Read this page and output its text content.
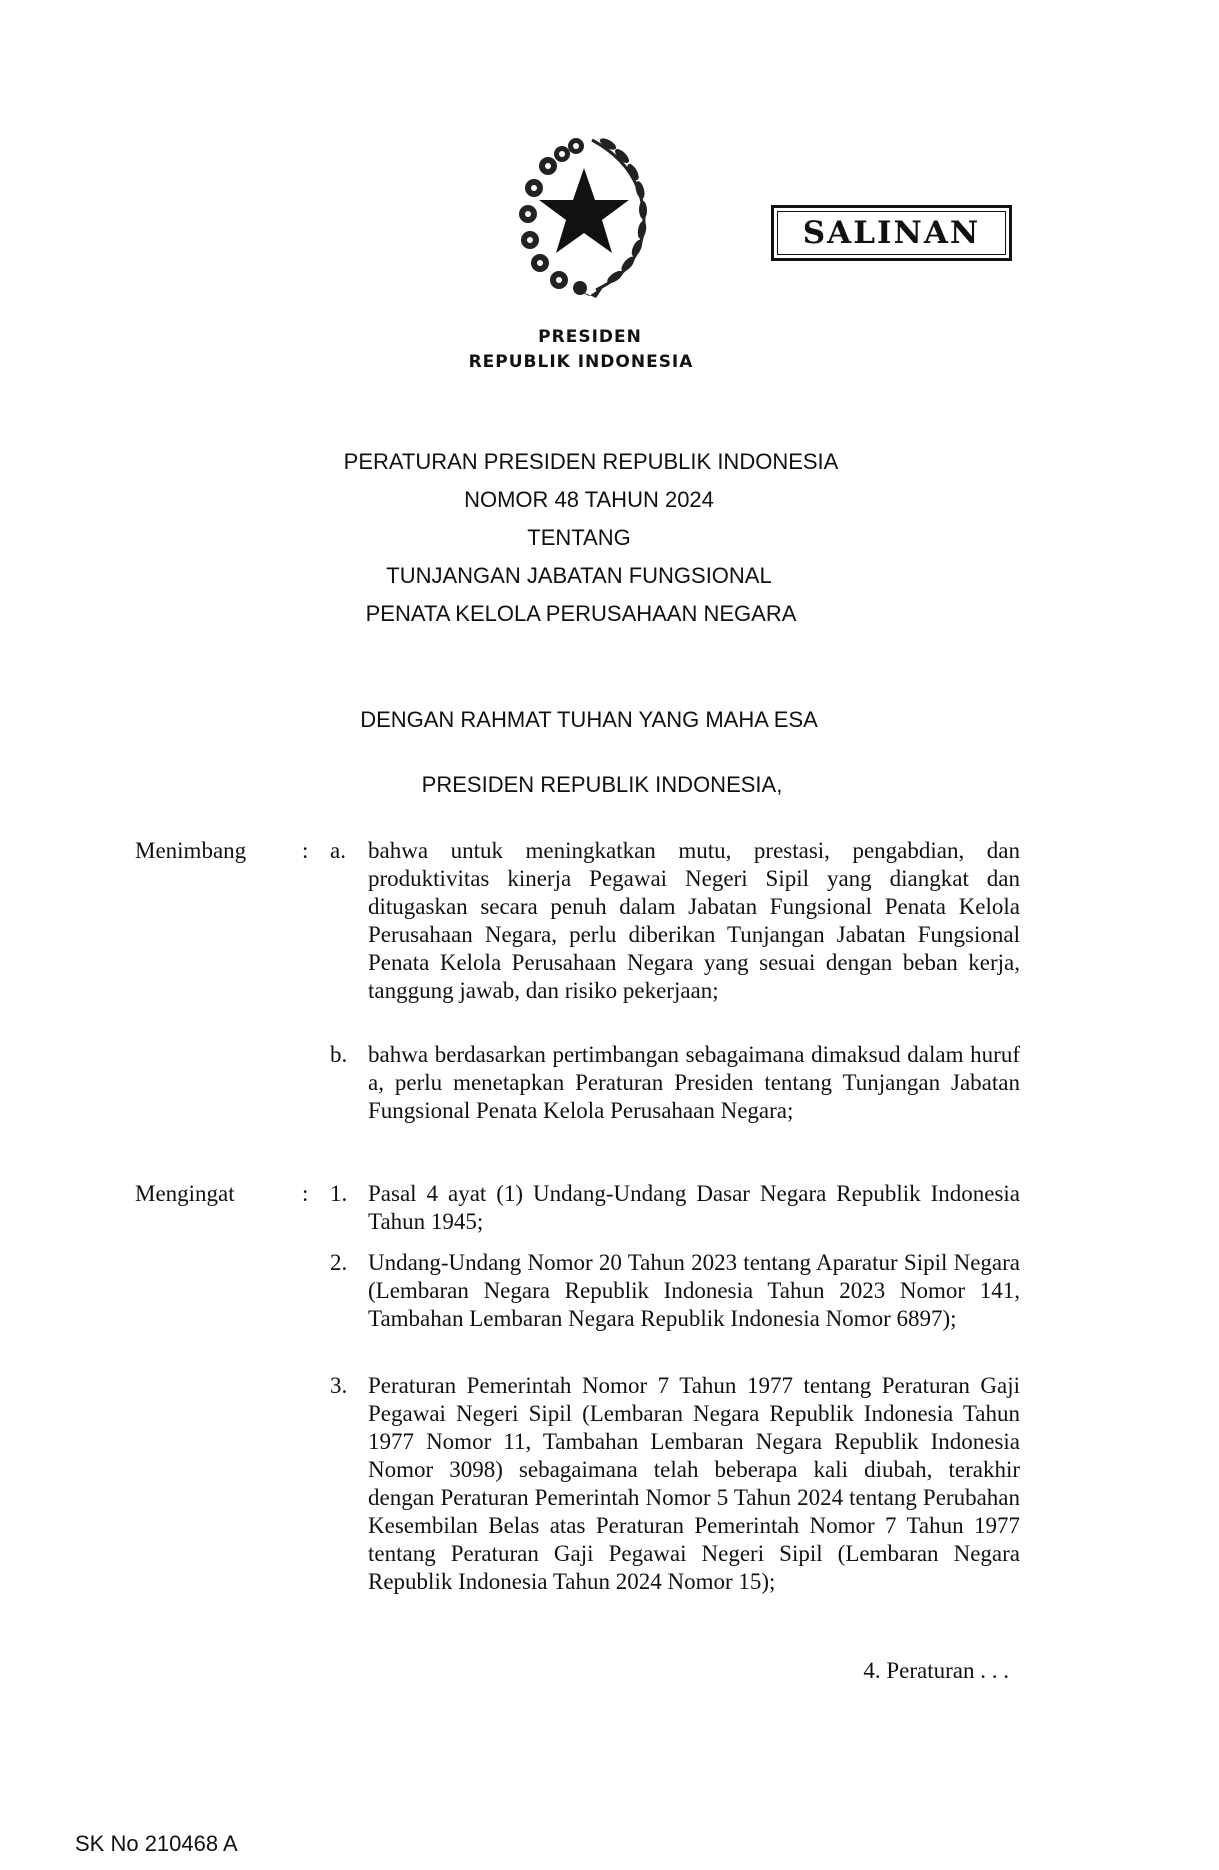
SALINAN
PRESIDEN

REPUBLIK INDONESIA
PERATURAN PRESIDEN REPUBLIK INDONESIA
NOMOR 48 TAHUN 2024
TENTANG
TUNJANGAN JABATAN FUNGSIONAL
PENATA KELOLA PERUSAHAAN NEGARA
DENGAN RAHMAT TUHAN YANG MAHA ESA
PRESIDEN REPUBLIK INDONESIA,
Menimbang : a. bahwa untuk meningkatkan mutu, prestasi, pengabdian, dan produktivitas kinerja Pegawai Negeri Sipil yang diangkat dan ditugaskan secara penuh dalam Jabatan Fungsional Penata Kelola Perusahaan Negara, perlu diberikan Tunjangan Jabatan Fungsional Penata Kelola Perusahaan Negara yang sesuai dengan beban kerja, tanggung jawab, dan risiko pekerjaan;
b. bahwa berdasarkan pertimbangan sebagaimana dimaksud dalam huruf a, perlu menetapkan Peraturan Presiden tentang Tunjangan Jabatan Fungsional Penata Kelola Perusahaan Negara;
Mengingat	: 1. Pasal 4 ayat (1) Undang-Undang Dasar Negara Republik Indonesia Tahun 1945;
2. Undang-Undang Nomor 20 Tahun 2023 tentang Aparatur Sipil Negara (Lembaran Negara Republik Indonesia Tahun 2023 Nomor 141, Tambahan Lembaran Negara Republik Indonesia Nomor 6897);
3. Peraturan Pemerintah Nomor 7 Tahun 1977 tentang Peraturan Gaji Pegawai Negeri Sipil (Lembaran Negara Republik Indonesia Tahun 1977 Nomor 11, Tambahan Lembaran Negara Republik Indonesia Nomor 3098) sebagaimana telah beberapa kali diubah, terakhir dengan Peraturan Pemerintah Nomor 5 Tahun 2024 tentang Perubahan Kesembilan Belas atas Peraturan Pemerintah Nomor 7 Tahun 1977 tentang Peraturan Gaji Pegawai Negeri Sipil (Lembaran Negara Republik Indonesia Tahun 2024 Nomor 15);
4. Peraturan . . .
SK No 210468 A
